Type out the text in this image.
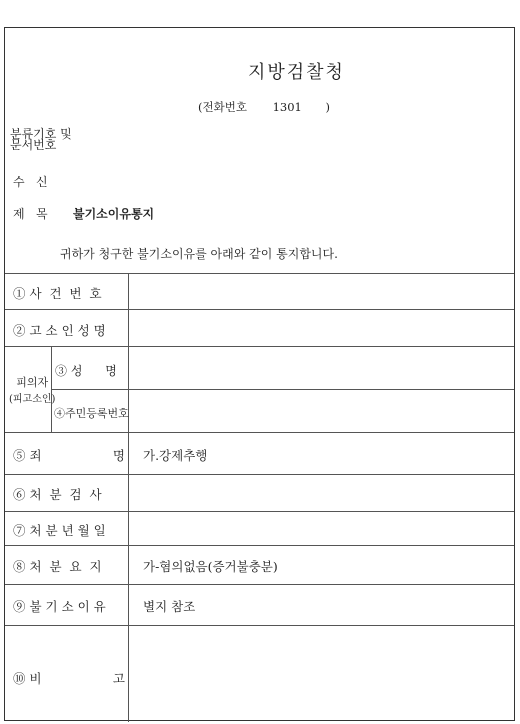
지방검찰청
(전화번호 1301 )
분류기호 및
문서번호
수   신
제   목 불기소이유통지
귀하가 청구한 불기소이유를 아래와 같이 통지합니다.
① 사  건  번  호
② 고 소 인 성 명
피의자
(피고소인)
③ 성      명
④주민등록번호
⑤ 죄	명 가.강제추행
⑥ 처  분  검  사
⑦ 처 분 년 월 일
⑧ 처  분  요  지	가-혐의없음(증거불충분)
⑨ 불 기 소 이 유	별지 참조
⑩ 비	고
